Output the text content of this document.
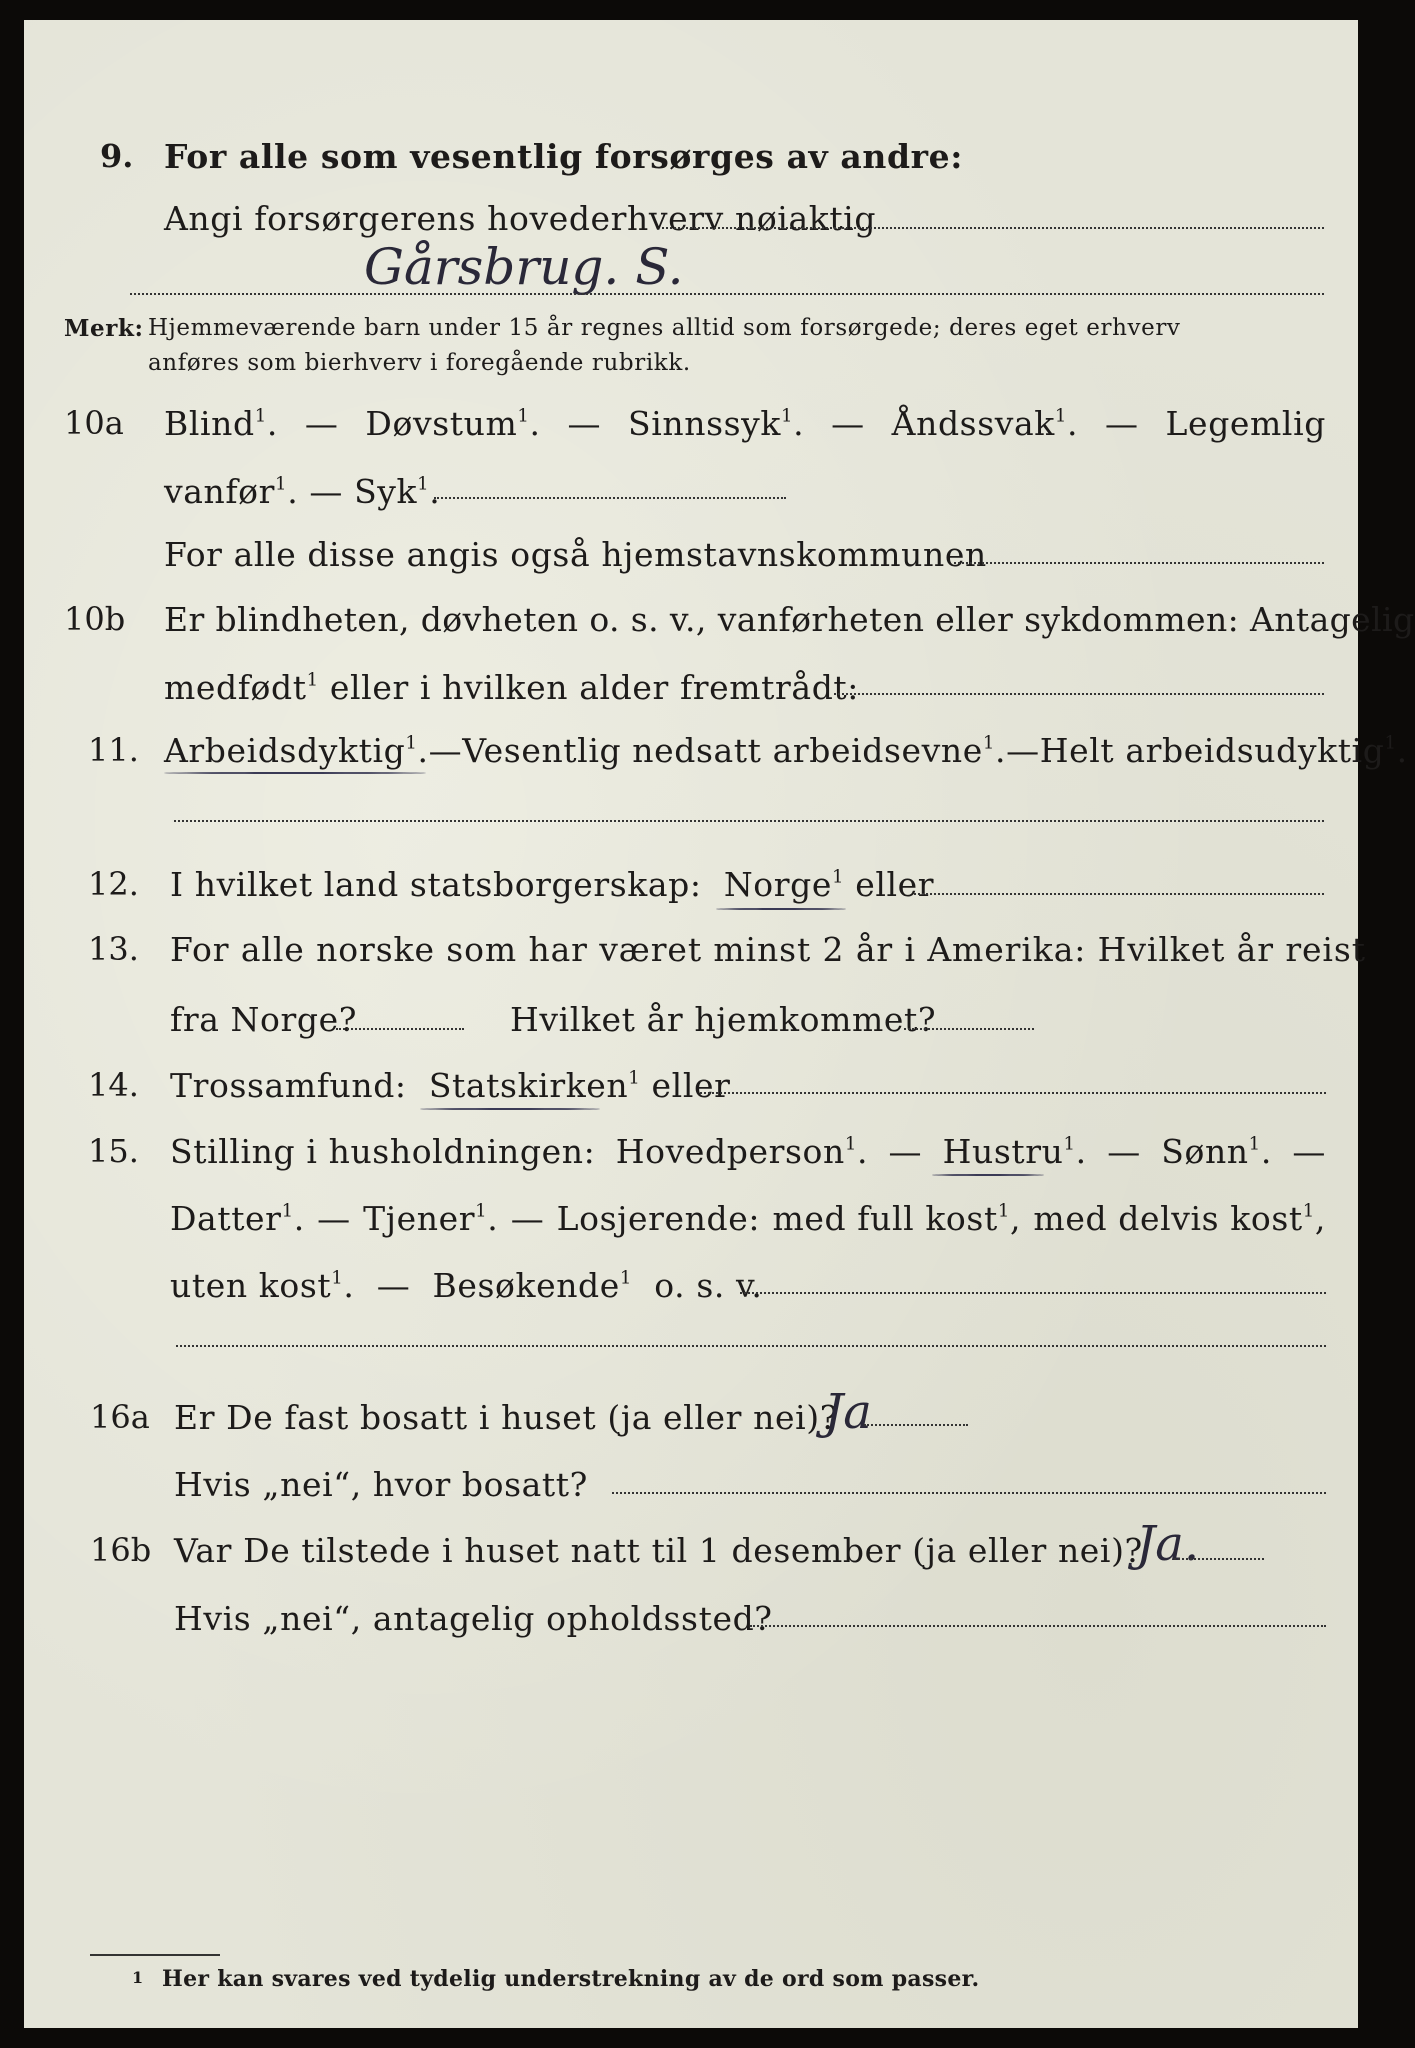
9. For alle som vesentlig forsørges av andre:
Angi forsørgerens hovederhverv nøiaktig
Gårsbrug. S.
Merk: Hjemmeværende barn under 15 år regnes alltid som forsørgede; deres eget erhverv
anføres som bierhverv i foregående rubrikk.
10a Blind$^1$. — Døvstum$^1$. — Sinnssyk$^1$. — Åndssvak$^1$. — Legemlig
vanfør$^1$. — Syk$^1$.
For alle disse angis også hjemstavnskommunen
10b Er blindheten, døvheten o. s. v., vanførheten eller sykdommen: Antagelig
medfødt$^1$ eller i hvilken alder fremtrådt:
11. Arbeidsdyktig$^1$. — Vesentlig nedsatt arbeidsevne$^1$. — Helt arbeidsudyktig$^1$.
12. I hvilket land statsborgerskap: Norge$^1$ eller
13. For alle norske som har været minst 2 år i Amerika: Hvilket år reist
fra Norge?	Hvilket år hjemkommet?
14. Trossamfund: Statskirken$^1$ eller
15. Stilling i husholdningen: Hovedperson$^1$. — Hustru$^1$. — Sønn$^1$. —
Datter$^1$. — Tjener$^1$. — Losjerende: med full kost$^1$, med delvis kost$^1$,
uten kost$^1$. — Besøkende$^1$ o. s. v.
16a Er De fast bosatt i huset (ja eller nei)?
Ja
Hvis „nei“, hvor bosatt?
16b Var De tilstede i huset natt til 1 desember (ja eller nei)?
Ja.
Hvis „nei“, antagelig opholdssted?
1 Her kan svares ved tydelig understrekning av de ord som passer.
